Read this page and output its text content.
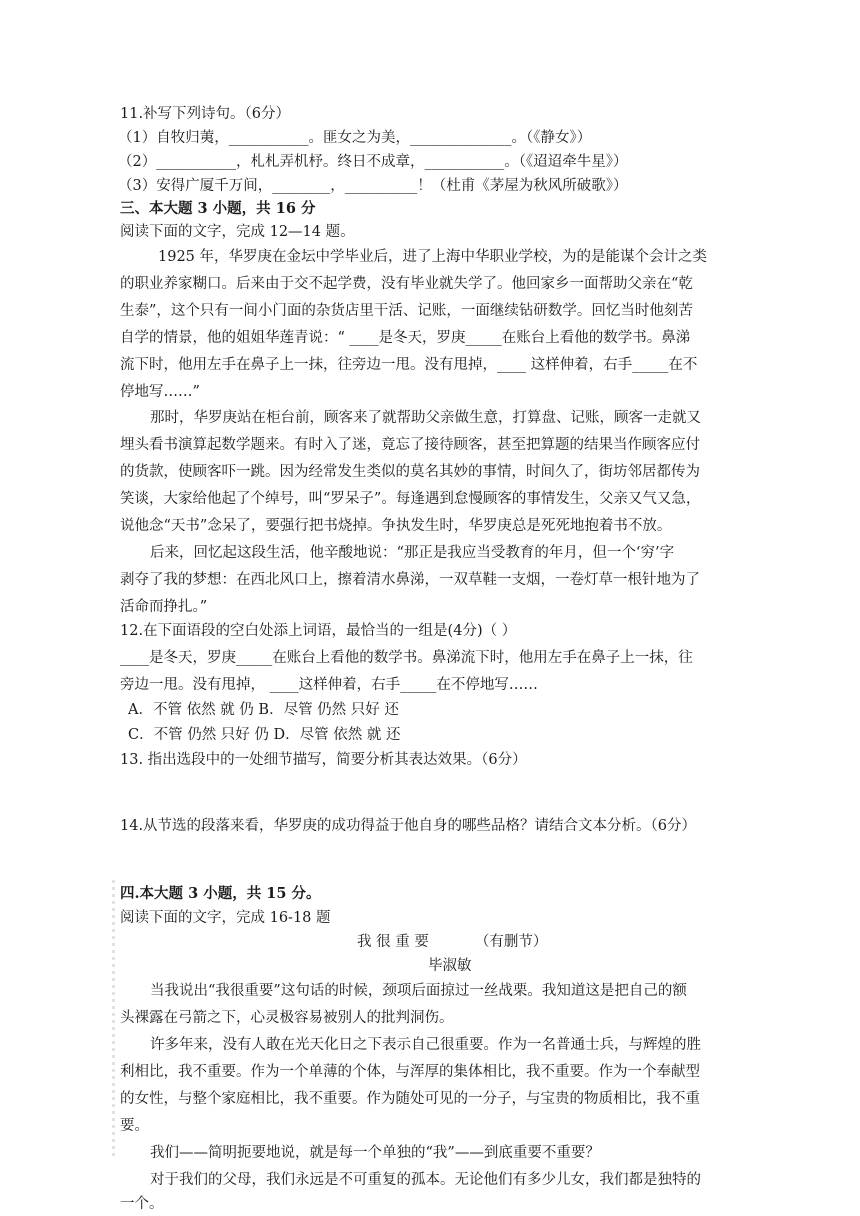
11.补写下列诗句。（6分）
（1）自牧归荑，___________。匪女之为美，______________。（《静女》）
（2）___________，札札弄机杼。终日不成章，___________。（《迢迢牵牛星》）
（3）安得广厦千万间，________，__________！（杜甫《茅屋为秋风所破歌》）
三、本大题 3 小题，共 16 分
阅读下面的文字，完成 12—14 题。
1925 年，华罗庚在金坛中学毕业后，进了上海中华职业学校，为的是能谋个会计之类
的职业养家糊口。后来由于交不起学费，没有毕业就失学了。他回家乡一面帮助父亲在“乾
生泰”，这个只有一间小门面的杂货店里干活、记账，一面继续钻研数学。回忆当时他刻苦
自学的情景，他的姐姐华莲青说：“ ____是冬天，罗庚_____在账台上看他的数学书。鼻涕
流下时，他用左手在鼻子上一抹，往旁边一甩。没有甩掉，____ 这样伸着，右手_____在不
停地写……”
那时，华罗庚站在柜台前，顾客来了就帮助父亲做生意，打算盘、记账，顾客一走就又
埋头看书演算起数学题来。有时入了迷，竟忘了接待顾客，甚至把算题的结果当作顾客应付
的货款，使顾客吓一跳。因为经常发生类似的莫名其妙的事情，时间久了，街坊邻居都传为
笑谈，大家给他起了个绰号，叫“罗呆子”。每逢遇到怠慢顾客的事情发生，父亲又气又急，
说他念“天书”念呆了，要强行把书烧掉。争执发生时，华罗庚总是死死地抱着书不放。
后来，回忆起这段生活，他辛酸地说：“那正是我应当受教育的年月，但一个‘穷’字
剥夺了我的梦想：在西北风口上，擦着清水鼻涕，一双草鞋一支烟，一卷灯草一根针地为了
活命而挣扎。”
12.在下面语段的空白处添上词语，最恰当的一组是(4分)（ ）
____是冬天，罗庚_____在账台上看他的数学书。鼻涕流下时，他用左手在鼻子上一抹，往
旁边一甩。没有甩掉， ____这样伸着，右手_____在不停地写……
A．不管 依然 就 仍 B．尽管 仍然 只好 还
C．不管 仍然 只好 仍 D．尽管 依然 就 还
13. 指出选段中的一处细节描写，简要分析其表达效果。（6分）
14.从节选的段落来看，华罗庚的成功得益于他自身的哪些品格？请结合文本分析。（6分）
四.本大题 3 小题，共 15 分。
阅读下面的文字，完成 16-18 题
我 很 重 要          （有删节）
毕淑敏
当我说出“我很重要”这句话的时候，颈项后面掠过一丝战栗。我知道这是把自己的额
头裸露在弓箭之下，心灵极容易被别人的批判洞伤。
许多年来，没有人敢在光天化日之下表示自己很重要。作为一名普通士兵，与辉煌的胜
利相比，我不重要。作为一个单薄的个体，与浑厚的集体相比，我不重要。作为一个奉献型
的女性，与整个家庭相比，我不重要。作为随处可见的一分子，与宝贵的物质相比，我不重
要。
我们——简明扼要地说，就是每一个单独的“我”——到底重要不重要？
对于我们的父母，我们永远是不可重复的孤本。无论他们有多少儿女，我们都是独特的
一个。
